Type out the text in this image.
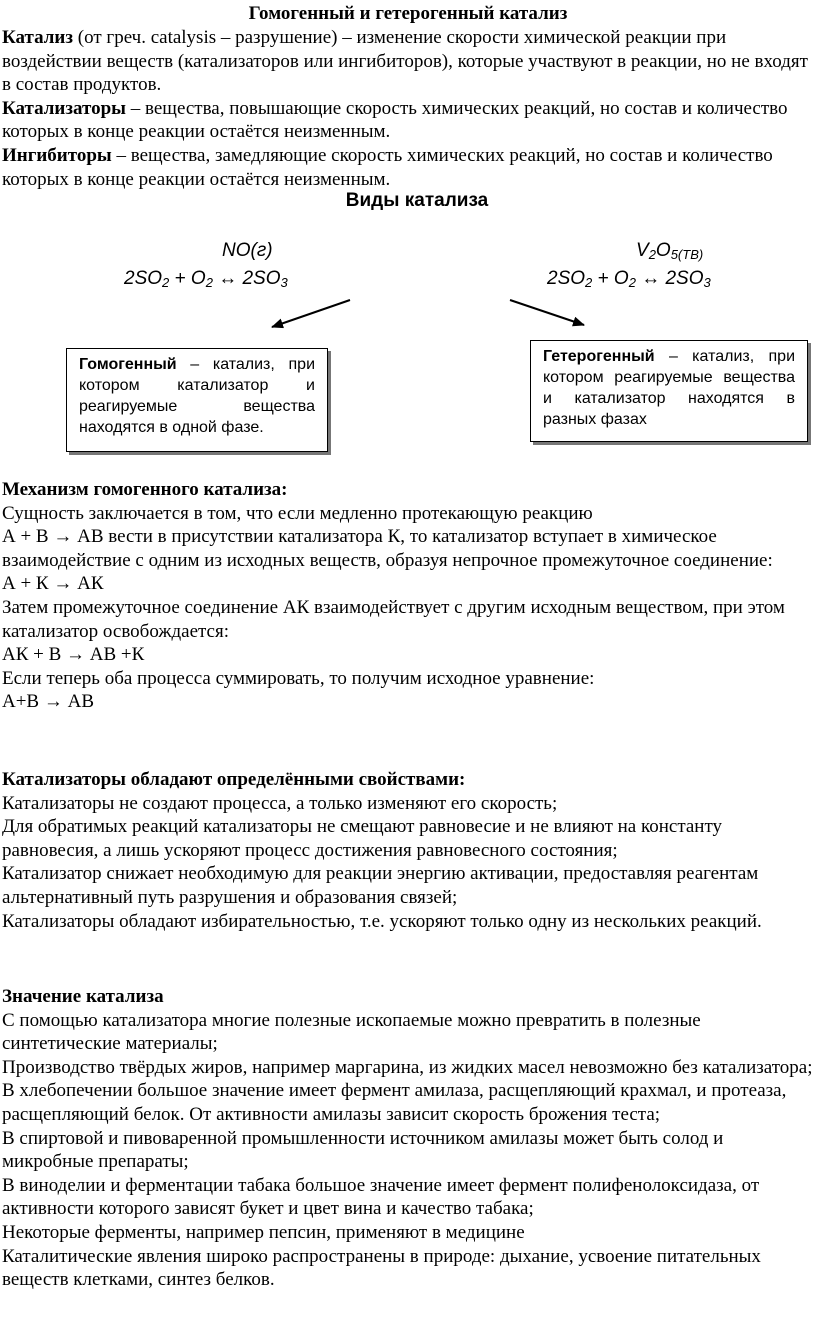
Гомогенный и гетерогенный катализ

Катализ (от греч. catalysis – разрушение) – изменение скорости химической реакции при воздействии веществ (катализаторов или ингибиторов), которые участвуют в реакции, но не входят в состав продуктов.

Катализаторы – вещества, повышающие скорость химических реакций, но состав и количество которых в конце реакции остаётся неизменным.

Ингибиторы – вещества, замедляющие скорость химических реакций, но состав и количество которых в конце реакции остаётся неизменным.

Виды катализа
NO(г)
$2SO_2 + O_2$ ↔ $2SO_3$
$V_2O_{5(ТВ)}$
$2SO_2 + O_2$ ↔ $2SO_3$
Гомогенный – катализ, при котором катализатор и реагируемые вещества находятся в одной фазе.
Гетерогенный – катализ, при котором реагируемые вещества и катализатор находятся в разных фазах

Механизм гомогенного катализа:

Сущность заключается в том, что если медленно протекающую реакцию

А + В → АВ вести в присутствии катализатора К, то катализатор вступает в химическое взаимодействие с одним из исходных веществ, образуя непрочное промежуточное соединение:

А + К → АК

Затем промежуточное соединение АК взаимодействует с другим исходным веществом, при этом катализатор освобождается:

АК + В → АВ +К

Если теперь оба процесса суммировать, то получим исходное уравнение:

А+В → АВ

Катализаторы обладают определёнными свойствами:

Катализаторы не создают процесса, а только изменяют его скорость;

Для обратимых реакций катализаторы не смещают равновесие и не влияют на константу равновесия, а лишь ускоряют процесс достижения равновесного состояния;

Катализатор снижает необходимую для реакции энергию активации, предоставляя реагентам альтернативный путь разрушения и образования связей;

Катализаторы обладают избирательностью, т.е. ускоряют только одну из нескольких реакций.

Значение катализа

С помощью катализатора многие полезные ископаемые можно превратить в полезные синтетические материалы;

Производство твёрдых жиров, например маргарина, из жидких масел невозможно без катализатора;

В хлебопечении большое значение имеет фермент амилаза, расщепляющий крахмал, и протеаза, расщепляющий белок. От активности амилазы зависит скорость брожения теста;

В спиртовой и пивоваренной промышленности источником амилазы может быть солод и микробные препараты;

В виноделии и ферментации табака большое значение имеет фермент полифенолоксидаза, от активности которого зависят букет и цвет вина и качество табака;

Некоторые ферменты, например пепсин, применяют в медицине

Каталитические явления широко распространены в природе: дыхание, усвоение питательных веществ клетками, синтез белков.
